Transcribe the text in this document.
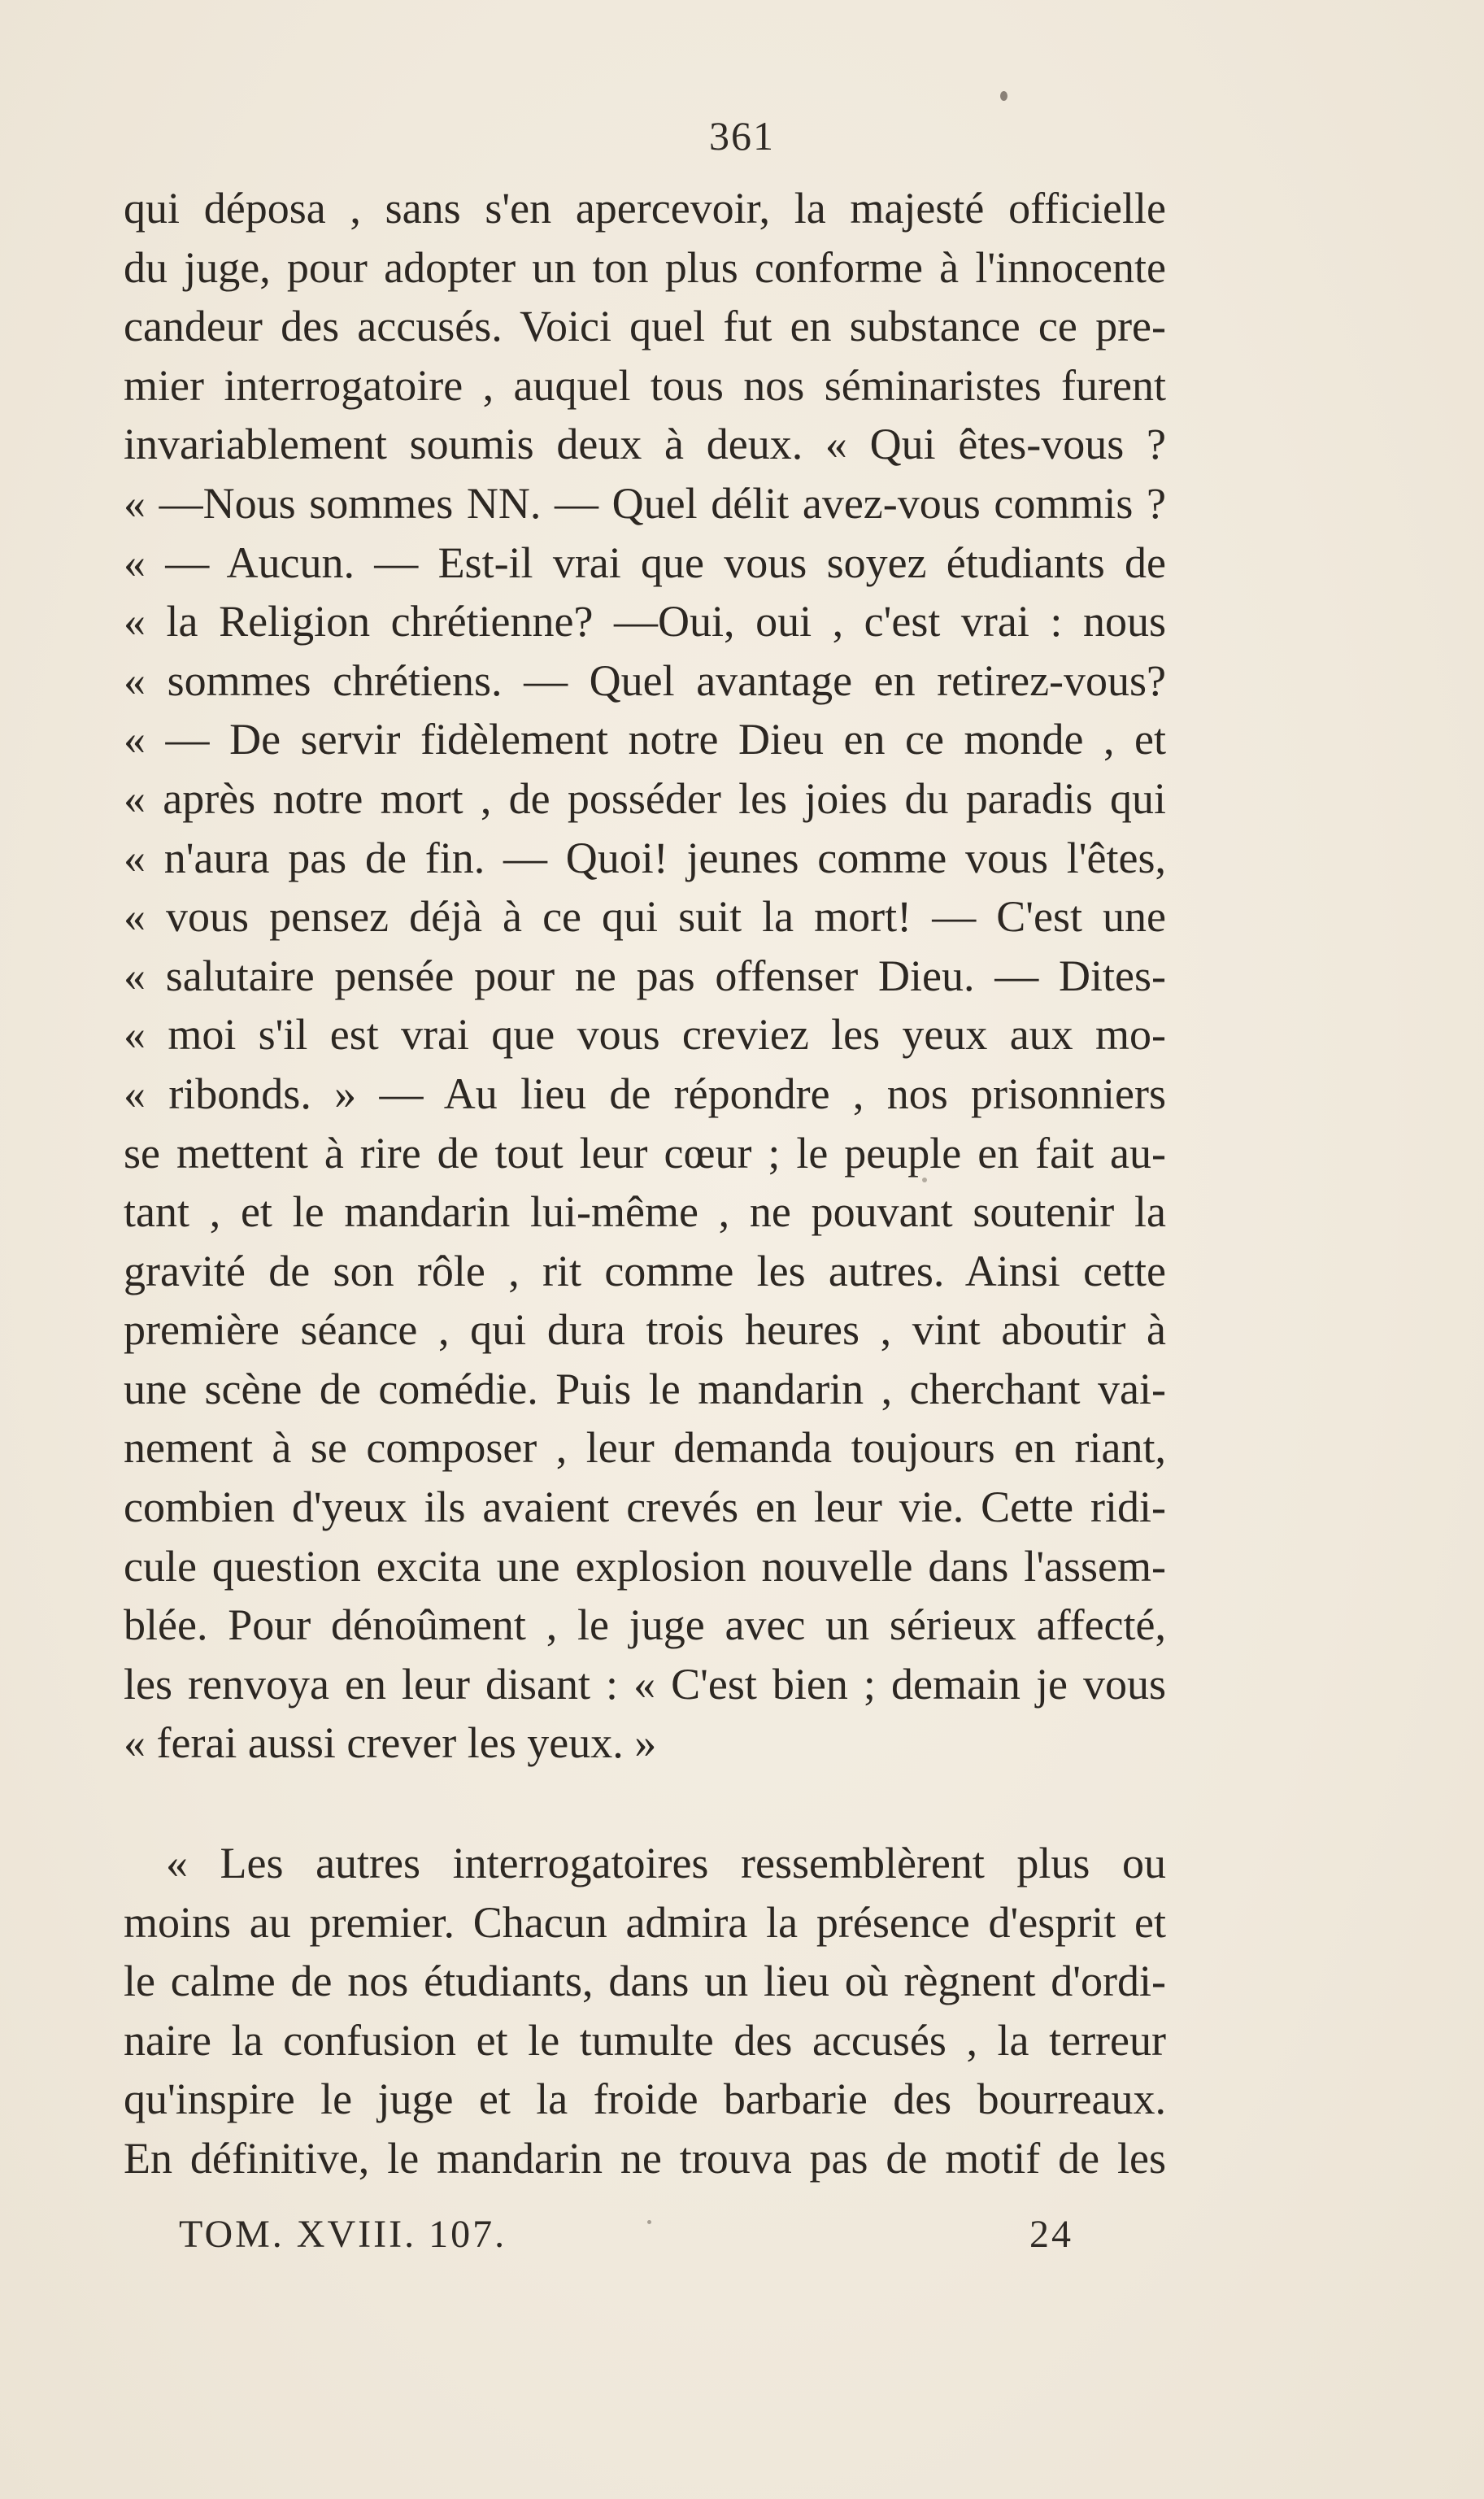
361
qui déposa , sans s'en apercevoir, la majesté officielle
du juge, pour adopter un ton plus conforme à l'innocente
candeur des accusés. Voici quel fut en substance ce pre-
mier interrogatoire , auquel tous nos séminaristes furent
invariablement soumis deux à deux. « Qui êtes-vous ?
« —Nous sommes NN. — Quel délit avez-vous commis ?
« — Aucun. — Est-il vrai que vous soyez étudiants de
« la Religion chrétienne? —Oui, oui , c'est vrai : nous
« sommes chrétiens. — Quel avantage en retirez-vous?
« — De servir fidèlement notre Dieu en ce monde , et
« après notre mort , de posséder les joies du paradis qui
« n'aura pas de fin. — Quoi! jeunes comme vous l'êtes,
« vous pensez déjà à ce qui suit la mort! — C'est une
« salutaire pensée pour ne pas offenser Dieu. — Dites-
« moi s'il est vrai que vous creviez les yeux aux mo-
« ribonds. » — Au lieu de répondre , nos prisonniers
se mettent à rire de tout leur cœur ; le peuple en fait au-
tant , et le mandarin lui-même , ne pouvant soutenir la
gravité de son rôle , rit comme les autres. Ainsi cette
première séance , qui dura trois heures , vint aboutir à
une scène de comédie. Puis le mandarin , cherchant vai-
nement à se composer , leur demanda toujours en riant,
combien d'yeux ils avaient crevés en leur vie. Cette ridi-
cule question excita une explosion nouvelle dans l'assem-
blée. Pour dénoûment , le juge avec un sérieux affecté,
les renvoya en leur disant : « C'est bien ; demain je vous
« ferai aussi crever les yeux. »
« Les autres interrogatoires ressemblèrent plus ou
moins au premier. Chacun admira la présence d'esprit et
le calme de nos étudiants, dans un lieu où règnent d'ordi-
naire la confusion et le tumulte des accusés , la terreur
qu'inspire le juge et la froide barbarie des bourreaux.
En définitive, le mandarin ne trouva pas de motif de les
TOM. XVIII. 107.	24
